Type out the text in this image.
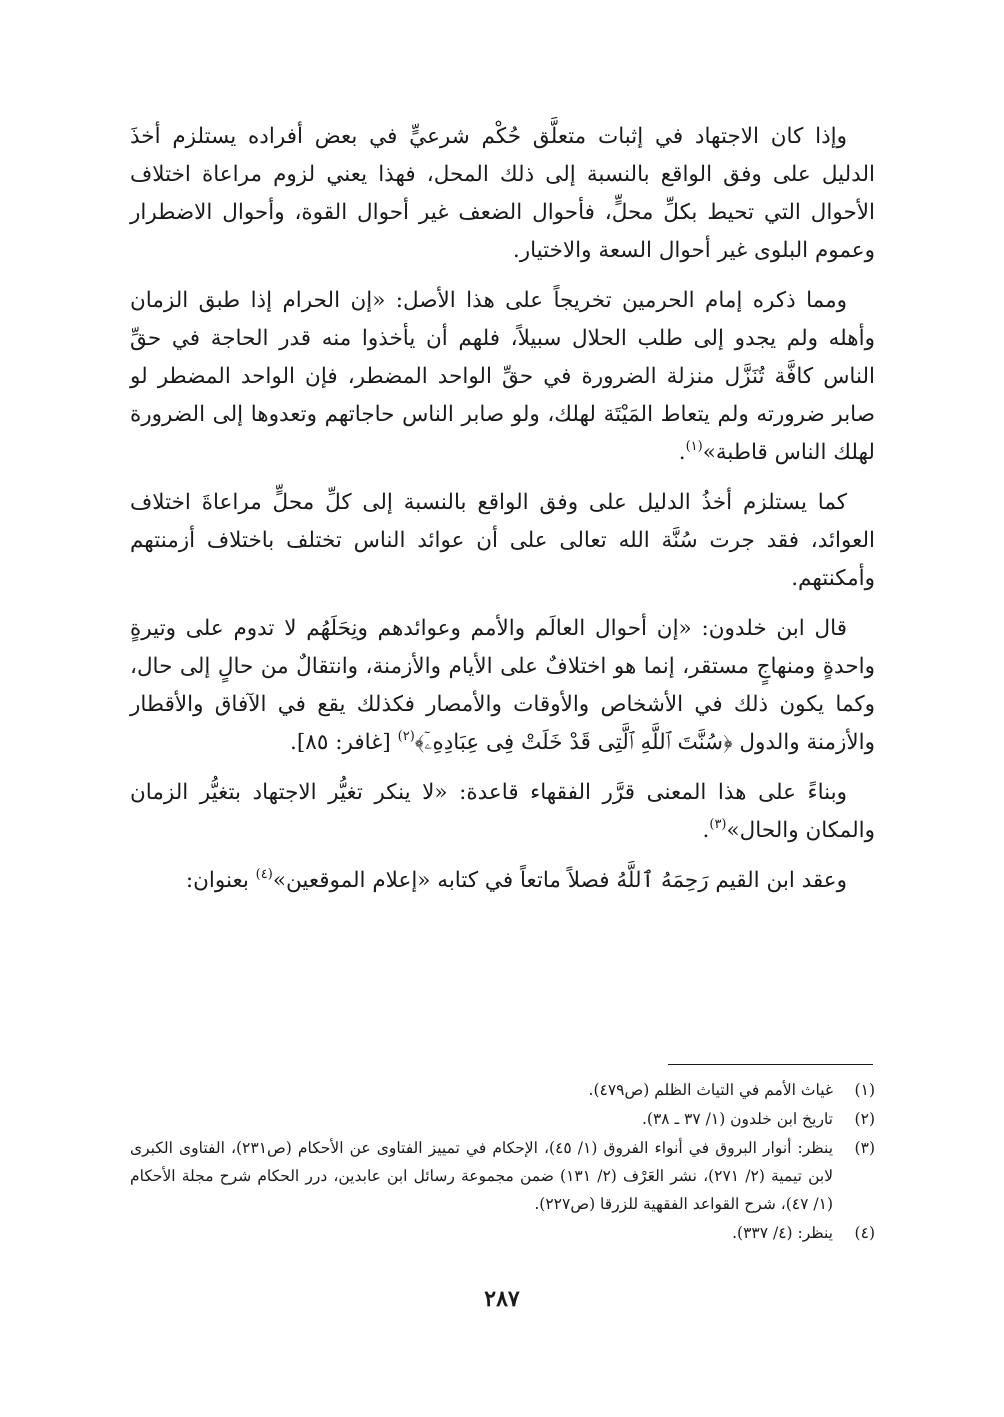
وإذا كان الاجتهاد في إثبات متعلَّق حُكْم شرعيٍّ في بعض أفراده يستلزم أخذَ الدليل على وفق الواقع بالنسبة إلى ذلك المحل، فهذا يعني لزوم مراعاة اختلاف الأحوال التي تحيط بكلِّ محلٍّ، فأحوال الضعف غير أحوال القوة، وأحوال الاضطرار وعموم البلوى غير أحوال السعة والاختيار.

ومما ذكره إمام الحرمين تخريجاً على هذا الأصل: «إن الحرام إذا طبق الزمان وأهله ولم يجدو إلى طلب الحلال سبيلاً، فلهم أن يأخذوا منه قدر الحاجة في حقِّ الناس كافَّة تُنَزَّل منزلة الضرورة في حقِّ الواحد المضطر، فإن الواحد المضطر لو صابر ضرورته ولم يتعاط المَيْتَة لهلك، ولو صابر الناس حاجاتهم وتعدوها إلى الضرورة لهلك الناس قاطبة»$^{(١)}$.

كما يستلزم أخذُ الدليل على وفق الواقع بالنسبة إلى كلِّ محلٍّ مراعاةَ اختلاف العوائد، فقد جرت سُنَّة الله تعالى على أن عوائد الناس تختلف باختلاف أزمنتهم وأمكنتهم.

قال ابن خلدون: «إن أحوال العالَم والأمم وعوائدهم ونِحَلَهُم لا تدوم على وتيرةٍ واحدةٍ ومنهاجٍ مستقر، إنما هو اختلافٌ على الأيام والأزمنة، وانتقالٌ من حالٍ إلى حال، وكما يكون ذلك في الأشخاص والأوقات والأمصار فكذلك يقع في الآفاق والأقطار والأزمنة والدول ﴿سُنَّتَ ٱللَّهِ ٱلَّتِى قَدْ خَلَتْ فِى عِبَادِهِۦٓ﴾$^{(٢)}$ [غافر: ٨٥].

وبناءً على هذا المعنى قرَّر الفقهاء قاعدة: «لا ينكر تغيُّر الاجتهاد بتغيُّر الزمان والمكان والحال»$^{(٣)}$.

وعقد ابن القيم رَحِمَهُ ٱللَّهُ فصلاً ماتعاً في كتابه «إعلام الموقعين»$^{(٤)}$ بعنوان:

(١)
غياث الأمم في التياث الظلم (ص٤٧٩).
(٢)
تاريخ ابن خلدون (١/ ٣٧ ـ ٣٨).
(٣)
ينظر: أنوار البروق في أنواء الفروق (١/ ٤٥)، الإحكام في تمييز الفتاوى عن الأحكام (ص٢٣١)، الفتاوى الكبرى لابن تيمية (٢/ ٢٧١)، نشر العَرْف (٢/ ١٣١) ضمن مجموعة رسائل ابن عابدين، درر الحكام شرح مجلة الأحكام (١/ ٤٧)، شرح القواعد الفقهية للزرقا (ص٢٢٧).
(٤)
ينظر: (٤/ ٣٣٧).
٢٨٧
